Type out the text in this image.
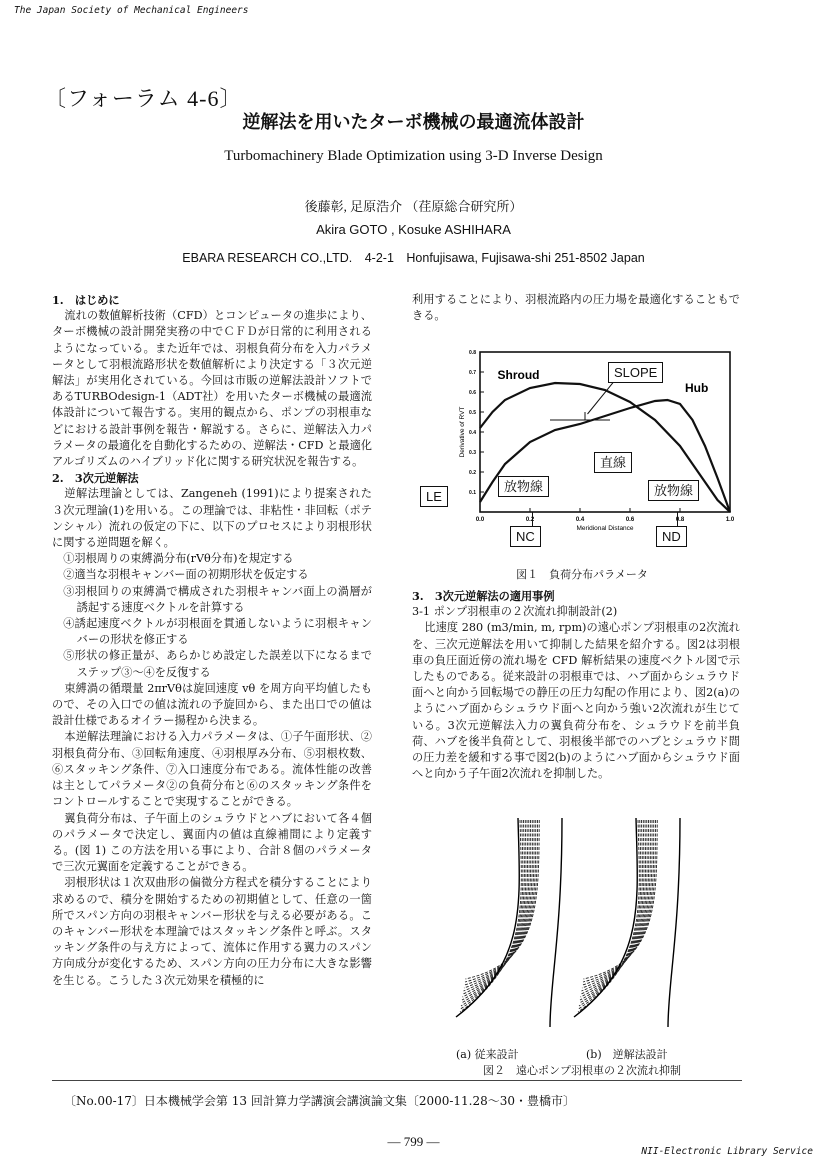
The Japan Society of Mechanical Engineers
〔フォーラム 4-6〕
逆解法を用いたターボ機械の最適流体設計
Turbomachinery Blade Optimization using 3-D Inverse Design
後藤彰, 足原浩介 （荏原総合研究所）
Akira GOTO , Kosuke ASHIHARA
EBARA RESEARCH CO.,LTD.　4-2-1　Honfujisawa, Fujisawa-shi 251-8502 Japan

1.　はじめに

流れの数値解析技術（CFD）とコンピュータの進歩により、ターボ機械の設計開発実務の中でＣＦＤが日常的に利用されるようになっている。また近年では、羽根負荷分布を入力パラメータとして羽根流路形状を数値解析により決定する「３次元逆解法」が実用化されている。今回は市販の逆解法設計ソフトであるTURBOdesign-1（ADT社）を用いたターボ機械の最適流体設計について報告する。実用的観点から、ポンプの羽根車などにおける設計事例を報告・解説する。さらに、逆解法入力パラメータの最適化を自動化するための、逆解法・CFD と最適化アルゴリズムのハイブリッド化に関する研究状況を報告する。

2.　3次元逆解法

逆解法理論としては、Zangeneh (1991)により提案された３次元理論(1)を用いる。この理論では、非粘性・非回転（ポテンシャル）流れの仮定の下に、以下のプロセスにより羽根形状に関する逆問題を解く。

①羽根周りの束縛渦分布(rVθ分布)を規定する

②適当な羽根キャンバー面の初期形状を仮定する

③羽根回りの束縛渦で構成された羽根キャンバ面上の渦層が誘起する速度ベクトルを計算する

④誘起速度ベクトルが羽根面を貫通しないように羽根キャンバーの形状を修正する

⑤形状の修正量が、あらかじめ設定した誤差以下になるまでステップ③〜④を反復する

束縛渦の循環量 2πrVθは旋回速度 vθ を周方向平均値したもので、その入口での値は流れの予旋回から、また出口での値は設計仕様であるオイラー揚程から決まる。

本逆解法理論における入力パラメータは、①子午面形状、②羽根負荷分布、③回転角速度、④羽根厚み分布、⑤羽根枚数、⑥スタッキング条件、⑦入口速度分布である。流体性能の改善は主としてパラメータ②の負荷分布と⑥のスタッキング条件をコントロールすることで実現することができる。

翼負荷分布は、子午面上のシュラウドとハブにおいて各４個のパラメータで決定し、翼面内の値は直線補間により定義する。(図 1) この方法を用いる事により、合計８個のパラメータで三次元翼面を定義することができる。

羽根形状は１次双曲形の偏微分方程式を積分することにより求めるので、積分を開始するための初期値として、任意の一箇所でスパン方向の羽根キャンバー形状を与える必要がある。このキャンバー形状を本理論ではスタッキング条件と呼ぶ。スタッキング条件の与え方によって、流体に作用する翼力のスパン方向成分が変化するため、スパン方向の圧力分布に大きな影響を生じる。こうした３次元効果を積極的に

利用することにより、羽根流路内の圧力場を最適化することもできる。

0.0	0.2	0.4	0.6	0.8	1.0
0.1
0.2
0.3
0.4
0.5
0.6
0.7
0.8
Meridional Distance
Derivative of RVT
Shroud
Hub
SLOPE
直線
放物線	放物線
LE
NC	ND
図１　負荷分布パラメータ

3.　3次元逆解法の適用事例

3-1 ポンプ羽根車の２次流れ抑制設計(2)

比速度 280 (m3/min, m, rpm)の遠心ポンプ羽根車の2次流れを、三次元逆解法を用いて抑制した結果を紹介する。図2は羽根車の負圧面近傍の流れ場を CFD 解析結果の速度ベクトル図で示したものである。従来設計の羽根車では、ハブ面からシュラウド面へと向かう回転場での静圧の圧力勾配の作用により、図2(a)のようにハブ面からシュラウド面へと向かう強い2次流れが生じている。3次元逆解法入力の翼負荷分布を、シュラウドを前半負荷、ハブを後半負荷として、羽根後半部でのハブとシュラウド間の圧力差を緩和する事で図2(b)のようにハブ面からシュラウド面へと向かう子午面2次流れを抑制した。

(a) 従来設計	(b)　逆解法設計
図２　遠心ポンプ羽根車の２次流れ抑制
〔No.00-17〕日本機械学会第 13 回計算力学講演会講演論文集〔2000-11.28〜30・豊橋市〕
― 799 ―
NII-Electronic Library Service
